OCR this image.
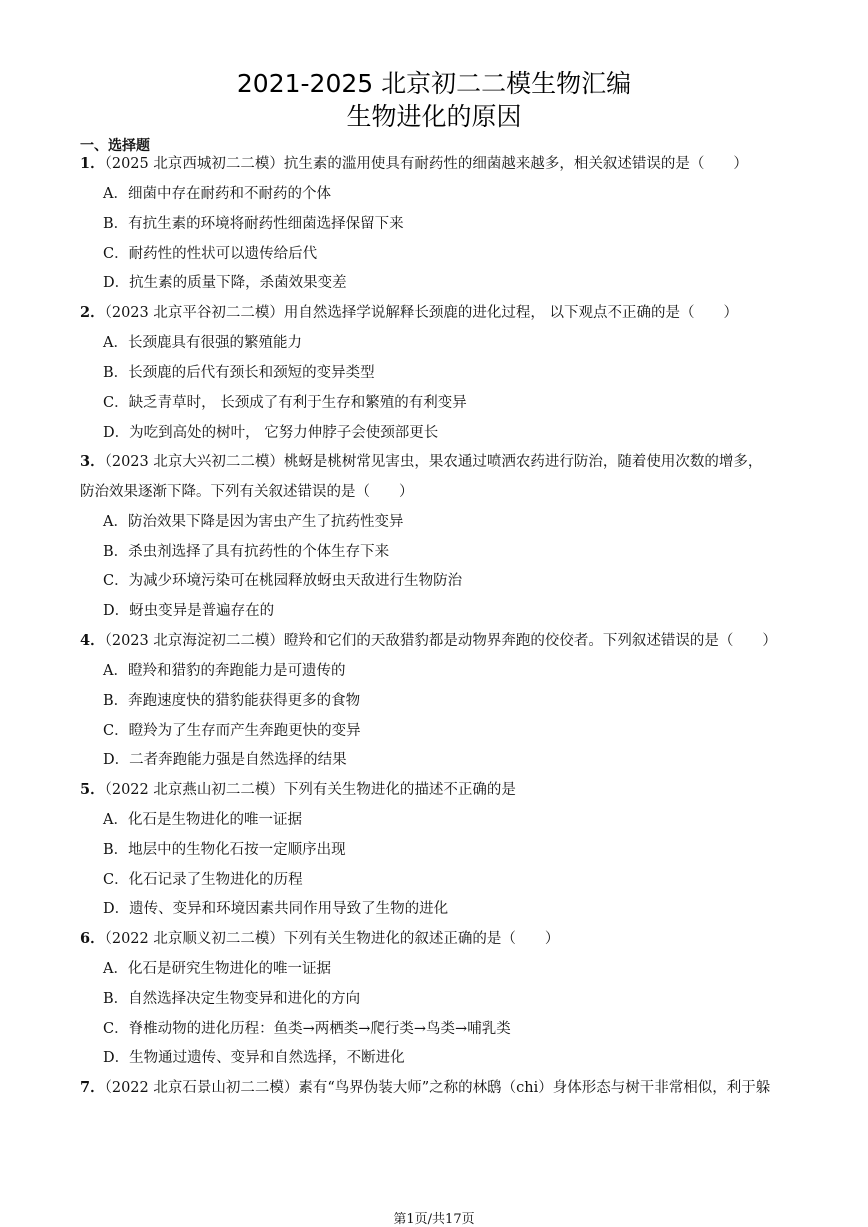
2021-2025 北京初二二模生物汇编
生物进化的原因
一、选择题
1．（2025 北京西城初二二模）抗生素的滥用使具有耐药性的细菌越来越多，相关叙述错误的是（　　）
A．细菌中存在耐药和不耐药的个体
B．有抗生素的环境将耐药性细菌选择保留下来
C．耐药性的性状可以遗传给后代
D．抗生素的质量下降，杀菌效果变差
2．（2023 北京平谷初二二模）用自然选择学说解释长颈鹿的进化过程， 以下观点不正确的是（　　）
A．长颈鹿具有很强的繁殖能力
B．长颈鹿的后代有颈长和颈短的变异类型
C．缺乏青草时， 长颈成了有利于生存和繁殖的有利变异
D．为吃到高处的树叶， 它努力伸脖子会使颈部更长
3．（2023 北京大兴初二二模）桃蚜是桃树常见害虫，果农通过喷洒农药进行防治，随着使用次数的增多，
防治效果逐渐下降。下列有关叙述错误的是（　　）
A．防治效果下降是因为害虫产生了抗药性变异
B．杀虫剂选择了具有抗药性的个体生存下来
C．为减少环境污染可在桃园释放蚜虫天敌进行生物防治
D．蚜虫变异是普遍存在的
4．（2023 北京海淀初二二模）瞪羚和它们的天敌猎豹都是动物界奔跑的佼佼者。下列叙述错误的是（　　）
A．瞪羚和猎豹的奔跑能力是可遗传的
B．奔跑速度快的猎豹能获得更多的食物
C．瞪羚为了生存而产生奔跑更快的变异
D．二者奔跑能力强是自然选择的结果
5．（2022 北京燕山初二二模）下列有关生物进化的描述不正确的是
A．化石是生物进化的唯一证据
B．地层中的生物化石按一定顺序出现
C．化石记录了生物进化的历程
D．遗传、变异和环境因素共同作用导致了生物的进化
6．（2022 北京顺义初二二模）下列有关生物进化的叙述正确的是（　　）
A．化石是研究生物进化的唯一证据
B．自然选择决定生物变异和进化的方向
C．脊椎动物的进化历程：鱼类→两栖类→爬行类→鸟类→哺乳类
D．生物通过遗传、变异和自然选择，不断进化
7．（2022 北京石景山初二二模）素有“鸟界伪装大师”之称的林鸱（chi）身体形态与树干非常相似，利于躲
第1页/共17页
